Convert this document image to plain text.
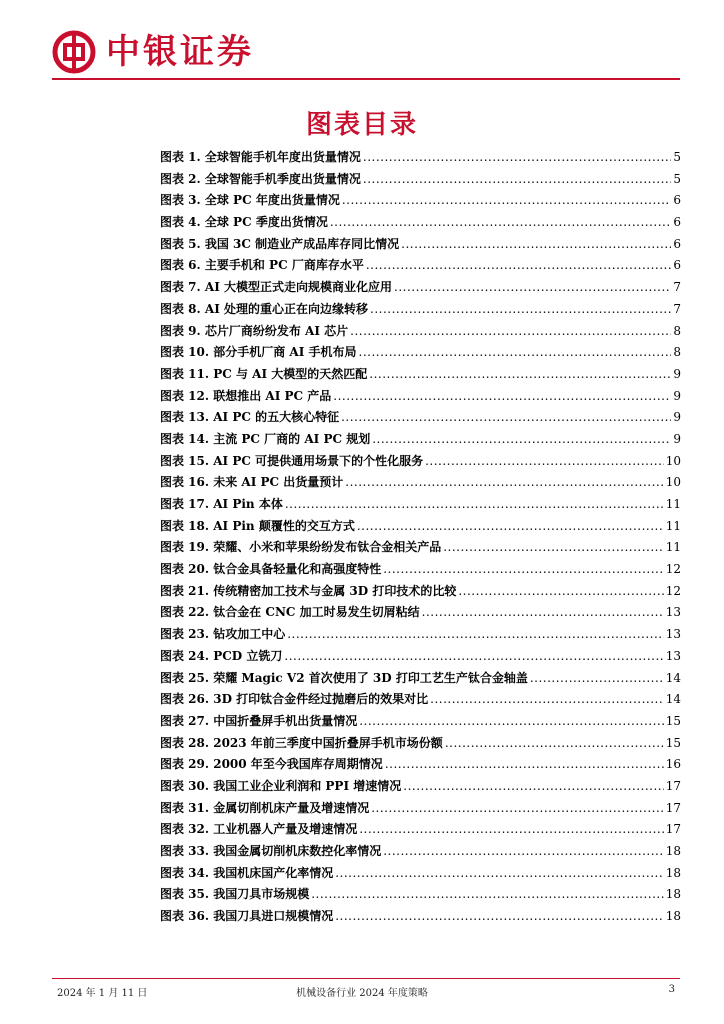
中银证券
图表目录
图表 1. 全球智能手机年度出货量情况 .....	5
图表 2. 全球智能手机季度出货量情况 .....	5
图表 3. 全球 PC 年度出货量情况 .....	6
图表 4. 全球 PC 季度出货情况 .....	6
图表 5. 我国 3C 制造业产成品库存同比情况 .....	6
图表 6. 主要手机和 PC 厂商库存水平 .....	6
图表 7. AI 大模型正式走向规模商业化应用 .....	7
图表 8. AI 处理的重心正在向边缘转移 .....	7
图表 9. 芯片厂商纷纷发布 AI 芯片 .....	8
图表 10. 部分手机厂商 AI 手机布局 .....	8
图表 11. PC 与 AI 大模型的天然匹配 .....	9
图表 12. 联想推出 AI PC 产品 .....	9
图表 13. AI PC 的五大核心特征 .....	9
图表 14. 主流 PC 厂商的 AI PC 规划 .....	9
图表 15. AI PC 可提供通用场景下的个性化服务 .....	10
图表 16. 未来 AI PC 出货量预计 .....	10
图表 17. AI Pin 本体 .....	11
图表 18. AI Pin 颠覆性的交互方式 .....	11
图表 19. 荣耀、小米和苹果纷纷发布钛合金相关产品 .....	11
图表 20. 钛合金具备轻量化和高强度特性 .....	12
图表 21. 传统精密加工技术与金属 3D 打印技术的比较 .....	12
图表 22. 钛合金在 CNC 加工时易发生切屑粘结 .....	13
图表 23. 钻攻加工中心 .....	13
图表 24. PCD 立铣刀 .....	13
图表 25. 荣耀 Magic V2 首次使用了 3D 打印工艺生产钛合金轴盖 .....	14
图表 26. 3D 打印钛合金件经过抛磨后的效果对比 .....	14
图表 27. 中国折叠屏手机出货量情况 .....	15
图表 28. 2023 年前三季度中国折叠屏手机市场份额 .....	15
图表 29. 2000 年至今我国库存周期情况 .....	16
图表 30. 我国工业企业利润和 PPI 增速情况 .....	17
图表 31. 金属切削机床产量及增速情况 .....	17
图表 32. 工业机器人产量及增速情况 .....	17
图表 33. 我国金属切削机床数控化率情况 .....	18
图表 34. 我国机床国产化率情况 .....	18
图表 35. 我国刀具市场规模 .....	18
图表 36. 我国刀具进口规模情况 .....	18
2024 年 1 月 11 日	机械设备行业 2024 年度策略	3
